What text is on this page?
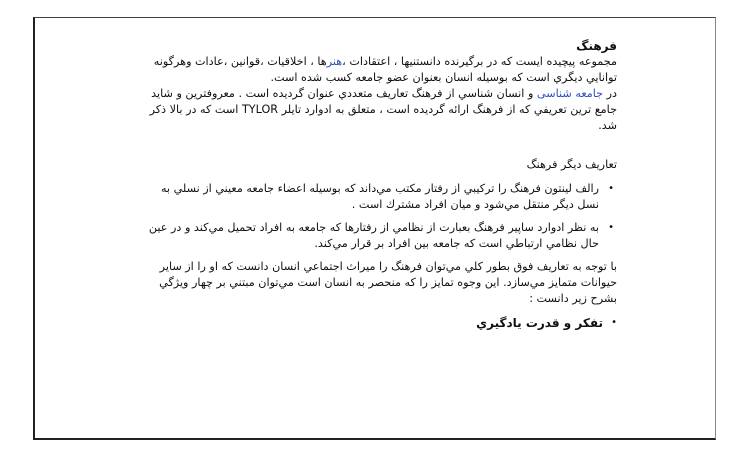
فرهنگ

مجموعه پيچيده ايست كه در برگيرنده دانستنيها ، اعتقادات ،هنرها ، اخلاقيات ،قوانين ،عادات وهرگونه توانايي ديگري است كه بوسيله انسان بعنوان عضو جامعه كسب شده است.

در جامعه شناسی و انسان شناسي از فرهنگ تعاريف متعددي عنوان گرديده است . معروفترين و شايد جامع ترين تعريفي كه از فرهنگ ارائه گرديده است ، متعلق به ادوارد تايلر TYLOR است كه در بالا ذكر شد.

تعاريف ديگر فرهنگ

• رالف لينتون فرهنگ را تركيبي از رفتار مكتب مي‌داند كه بوسيله اعضاء جامعه معيني از نسلي به نسل ديگر منتقل مي‌شود و ميان افراد مشترك است .
• به نظر ادوارد ساپير فرهنگ بعبارت از نظامي از رفتارها كه جامعه به افراد تحميل مي‌كند و در عين حال نظامي ارتباطي است كه جامعه بين افراد بر قرار مي‌كند.

با توجه به تعاريف فوق بطور كلي مي‌توان فرهنگ را ميراث اجتماعي انسان دانست كه او را از ساير حيوانات متمايز مي‌سازد. اين وجوه تمايز را كه منحصر به انسان است مي‌توان مبتني بر چهار ويژگي بشرح زير دانست :

• تفكر و قدرت يادگيري
